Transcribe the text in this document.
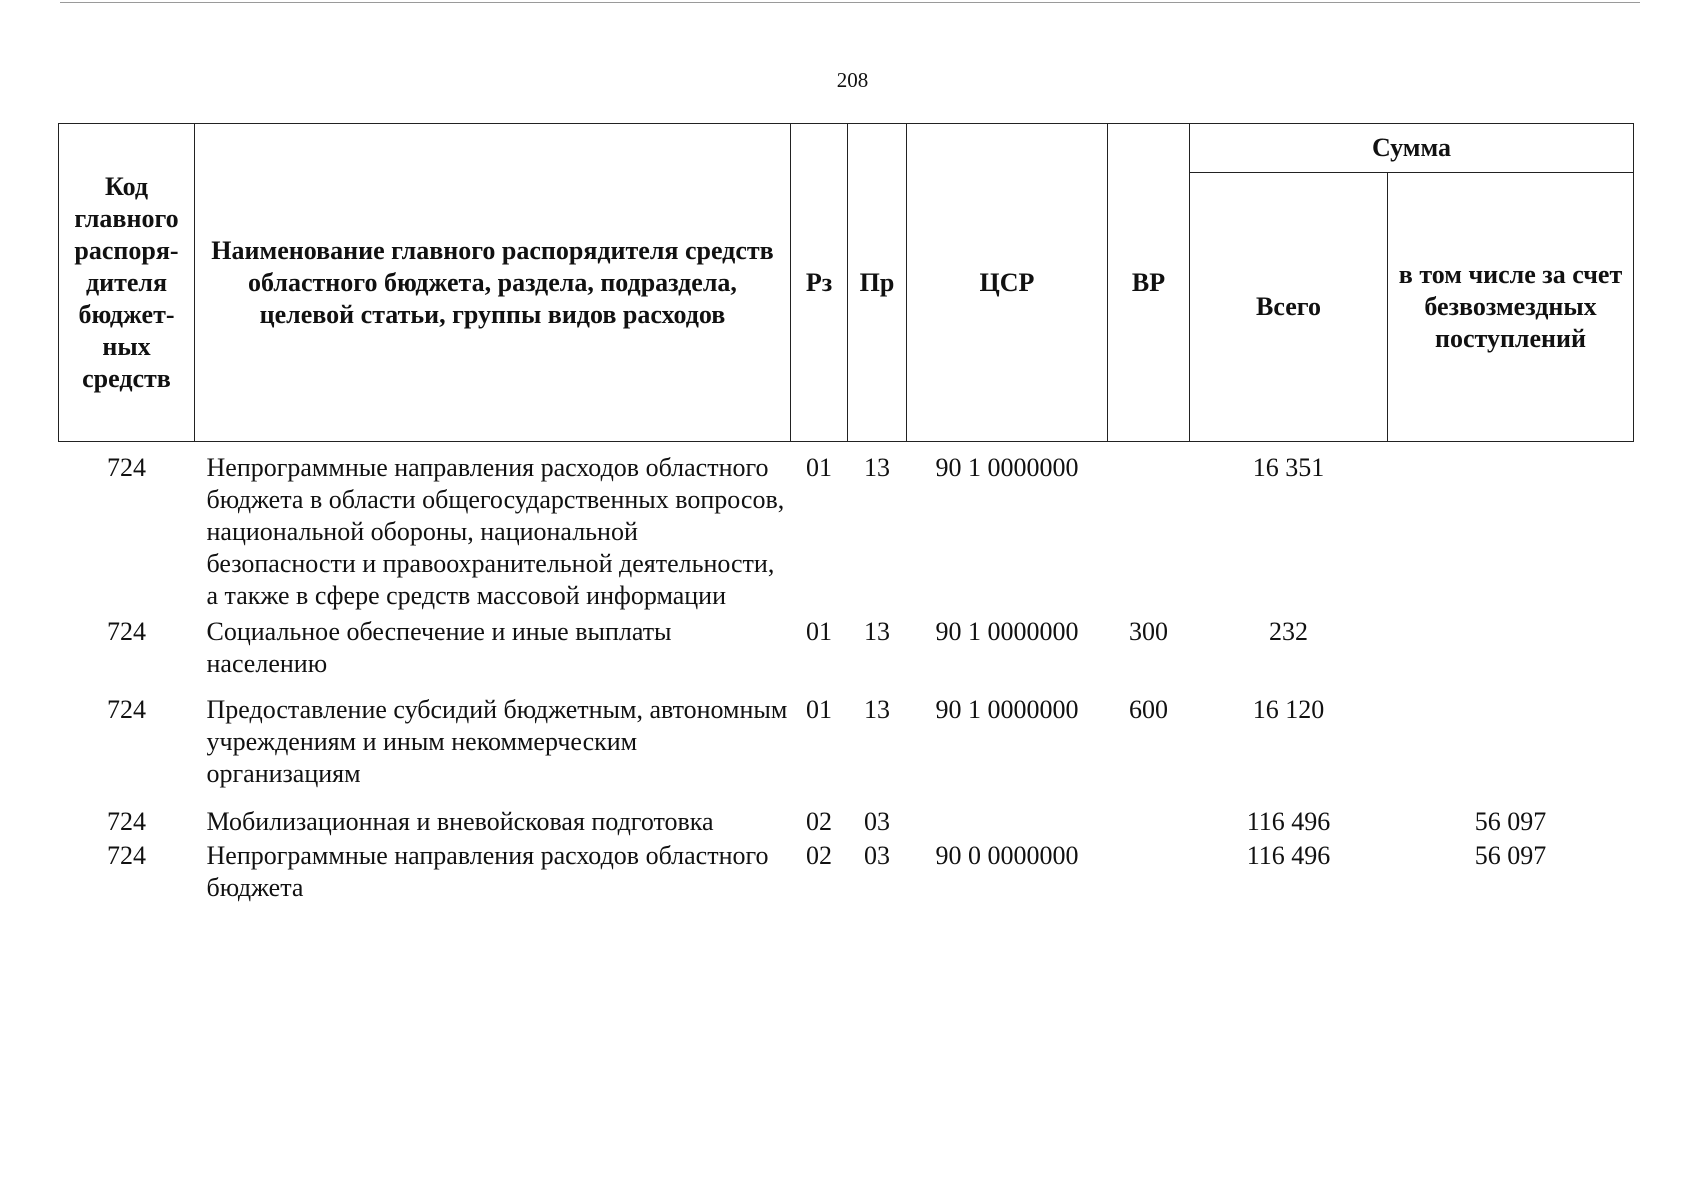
208
Код главного распоря-дителя бюджет-ных средств	Наименование главного распорядителя средств областного бюджета, раздела, подраздела, целевой статьи, группы видов расходов	Рз	Пр	ЦСР	ВР	Сумма	
						Всего	в том числе за счет безвозмездных поступлений
724	Непрограммные направления расходов областного бюджета в области общегосударственных вопросов, национальной обороны, национальной безопасности и правоохранительной деятельности, а также в сфере средств массовой информации	01	13	90 1 0000000		16 351	
724	Социальное обеспечение и иные выплаты населению	01	13	90 1 0000000	300	232	
724	Предоставление субсидий бюджетным, автономным учреждениям и иным некоммерческим организациям	01	13	90 1 0000000	600	16 120	
724	Мобилизационная и вневойсковая подготовка	02	03			116 496	56 097
724	Непрограммные направления расходов областного бюджета	02	03	90 0 0000000		116 496	56 097
